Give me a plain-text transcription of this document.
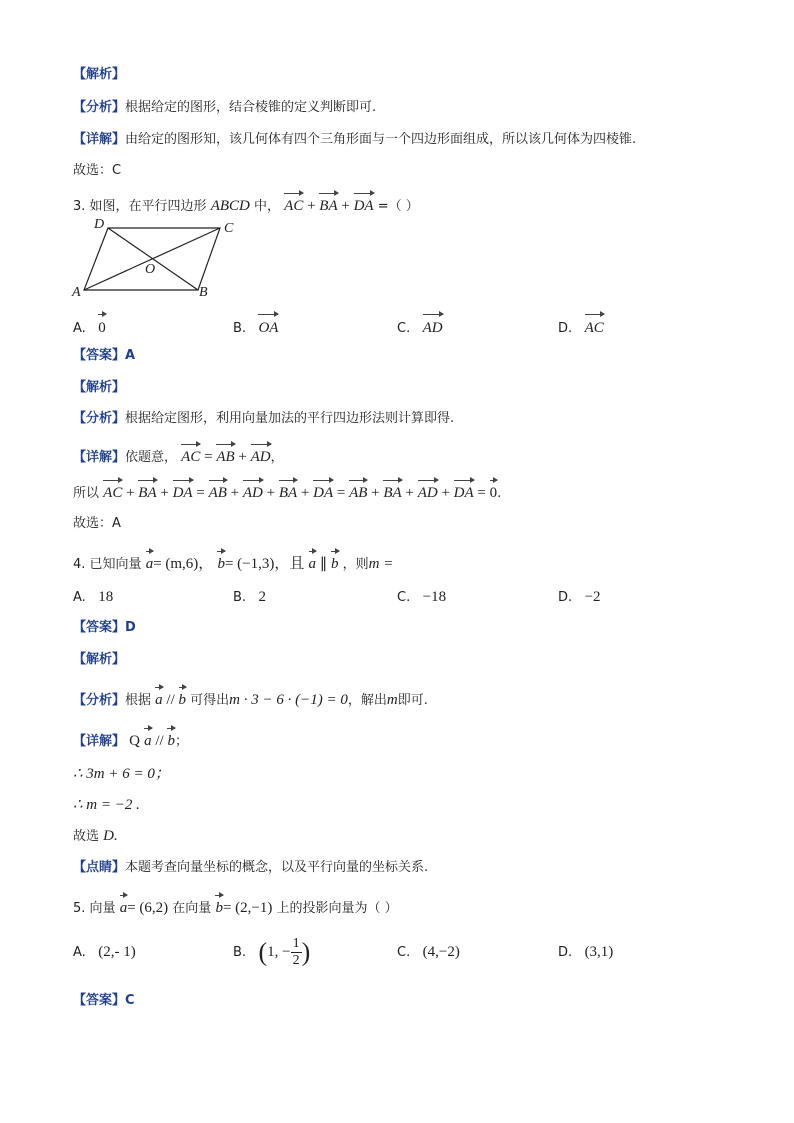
【解析】
【分析】根据给定的图形，结合棱锥的定义判断即可.
【详解】由给定的图形知，该几何体有四个三角形面与一个四边形面组成，所以该几何体为四棱锥.
故选：C
3. 如图，在平行四边形 ABCD 中， AC + BA + DA =（ ）
D	C
O
A	B
A. 0	B. OA	C. AD	D. AC
【答案】A
【解析】
【分析】根据给定图形，利用向量加法的平行四边形法则计算即得.
【详解】依题意， AC = AB + AD，
所以 AC + BA + DA = AB + AD + BA + DA = AB + BA + AD + DA = 0.
故选：A
4. 已知向量 a= (m,6)， b= (−1,3)，且 a ∥ b ，则m =
A. 18	B. 2	C. −18	D. −2
【答案】D
【解析】
【分析】根据 a // b 可得出m · 3 − 6 · (−1) = 0，解出m即可.
【详解】 Q a // b；
∴ 3m + 6 = 0；
∴ m = −2 .
故选 D.
【点睛】本题考查向量坐标的概念，以及平行向量的坐标关系.
5. 向量 a= (6,2) 在向量 b= (2,−1) 上的投影向量为（ ）
A. (2,- 1)	B. (1, − $\frac{1}{2}$ )	C. (4,−2)	D. (3,1)
【答案】C
